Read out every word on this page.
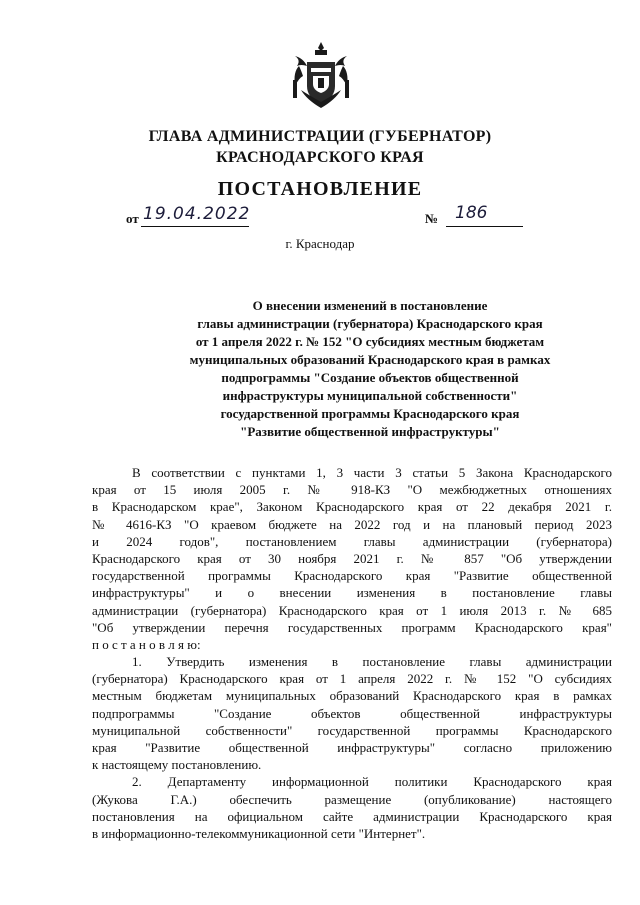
ГЛАВА АДМИНИСТРАЦИИ (ГУБЕРНАТОР)
КРАСНОДАРСКОГО КРАЯ
ПОСТАНОВЛЕНИЕ
от 19.04.2022	№ 186
г. Краснодар
О внесении изменений в постановление
главы администрации (губернатора) Краснодарского края
от 1 апреля 2022 г. № 152 "О субсидиях местным бюджетам
муниципальных образований Краснодарского края в рамках
подпрограммы "Создание объектов общественной
инфраструктуры муниципальной собственности"
государственной программы Краснодарского края
"Развитие общественной инфраструктуры"
В соответствии с пунктами 1, 3 части 3 статьи 5 Закона Краснодарского
края от 15 июля 2005 г. № 918-КЗ "О межбюджетных отношениях
в Краснодарском крае", Законом Краснодарского края от 22 декабря 2021 г.
№ 4616-КЗ "О краевом бюджете на 2022 год и на плановый период 2023
и 2024 годов", постановлением главы администрации (губернатора)
Краснодарского края от 30 ноября 2021 г. № 857 "Об утверждении
государственной программы Краснодарского края "Развитие общественной
инфраструктуры" и о внесении изменения в постановление главы
администрации (губернатора) Краснодарского края от 1 июля 2013 г. № 685
"Об утверждении перечня государственных программ Краснодарского края"
п о с т а н о в л я ю:
1. Утвердить изменения в постановление главы администрации
(губернатора) Краснодарского края от 1 апреля 2022 г. № 152 "О субсидиях
местным бюджетам муниципальных образований Краснодарского края в рамках
подпрограммы "Создание объектов общественной инфраструктуры
муниципальной собственности" государственной программы Краснодарского
края "Развитие общественной инфраструктуры" согласно приложению
к настоящему постановлению.
2. Департаменту информационной политики Краснодарского края
(Жукова Г.А.) обеспечить размещение (опубликование) настоящего
постановления на официальном сайте администрации Краснодарского края
в информационно-телекоммуникационной сети "Интернет".
